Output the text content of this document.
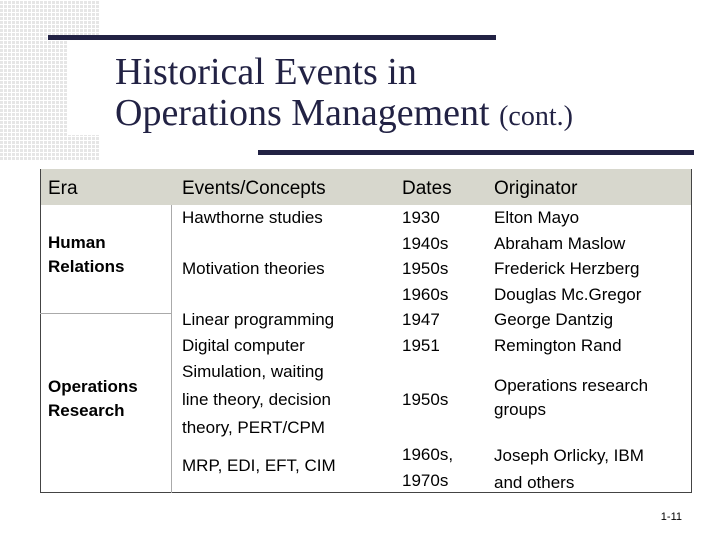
Historical Events in
Operations Management (cont.)
Era	Events/Concepts	Dates Originator
Human
Relations
Operations
Research
Hawthorne studies
Motivation theories
Linear programming
Digital computer
Simulation, waiting
line theory, decision
theory, PERT/CPM
MRP, EDI, EFT, CIM
1930
1940s
1950s
1960s
1947
1951
1950s
1960s,
1970s
Elton Mayo
Abraham Maslow
Frederick Herzberg
Douglas Mc.Gregor
George Dantzig
Remington Rand
Operations research
groups
Joseph Orlicky, IBM
and others
1-11
